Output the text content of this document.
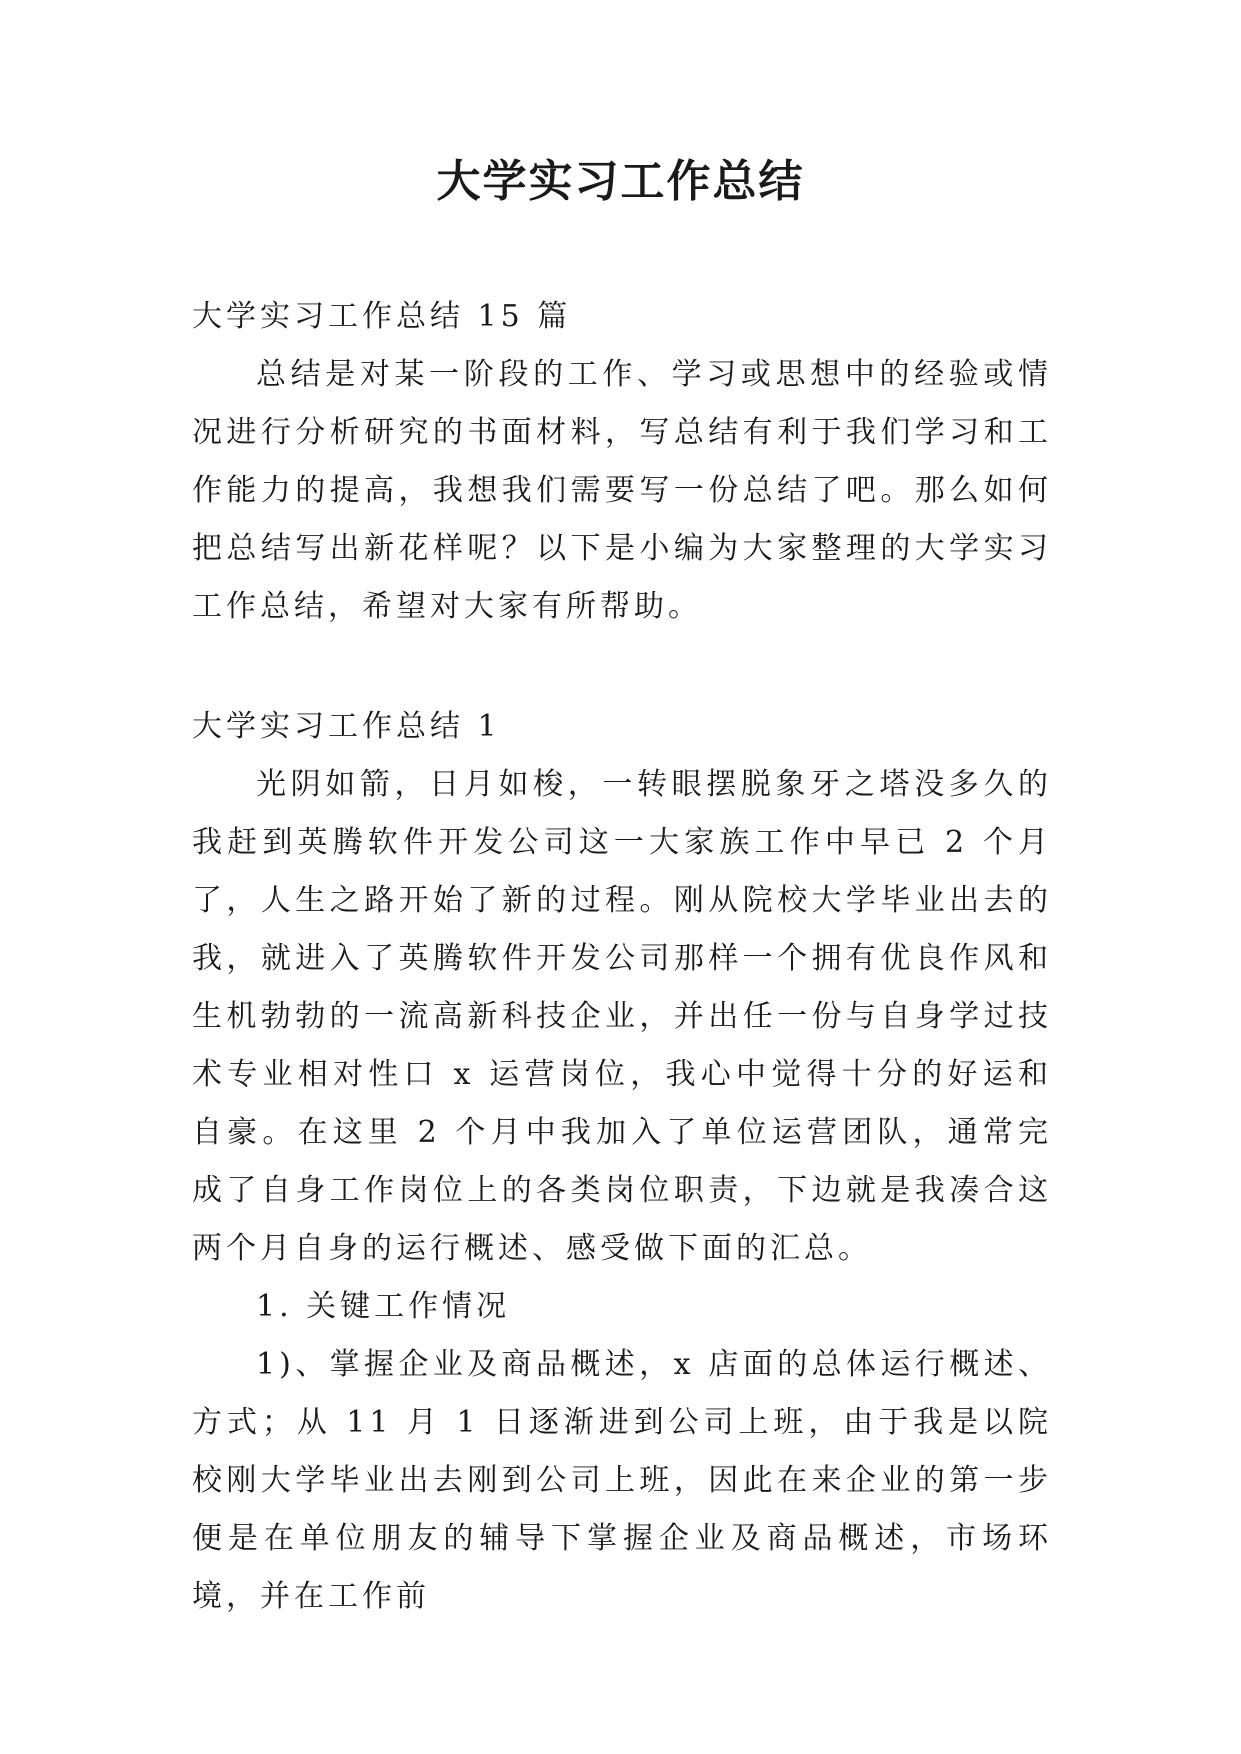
大学实习工作总结

大学实习工作总结 15 篇

总结是对某一阶段的工作、学习或思想中的经验或情况进行分析研究的书面材料，写总结有利于我们学习和工作能力的提高，我想我们需要写一份总结了吧。那么如何把总结写出新花样呢？以下是小编为大家整理的大学实习工作总结，希望对大家有所帮助。

大学实习工作总结 1

光阴如箭，日月如梭，一转眼摆脱象牙之塔没多久的我赶到英腾软件开发公司这一大家族工作中早已 2 个月了，人生之路开始了新的过程。刚从院校大学毕业出去的我，就进入了英腾软件开发公司那样一个拥有优良作风和生机勃勃的一流高新科技企业，并出任一份与自身学过技术专业相对性口 x 运营岗位，我心中觉得十分的好运和自豪。在这里 2 个月中我加入了单位运营团队，通常完成了自身工作岗位上的各类岗位职责，下边就是我凑合这两个月自身的运行概述、感受做下面的汇总。

1. 关键工作情况

1)、掌握企业及商品概述，x 店面的总体运行概述、方式；从 11 月 1 日逐渐进到公司上班，由于我是以院校刚大学毕业出去刚到公司上班，因此在来企业的第一步便是在单位朋友的辅导下掌握企业及商品概述，市场环境，并在工作前
